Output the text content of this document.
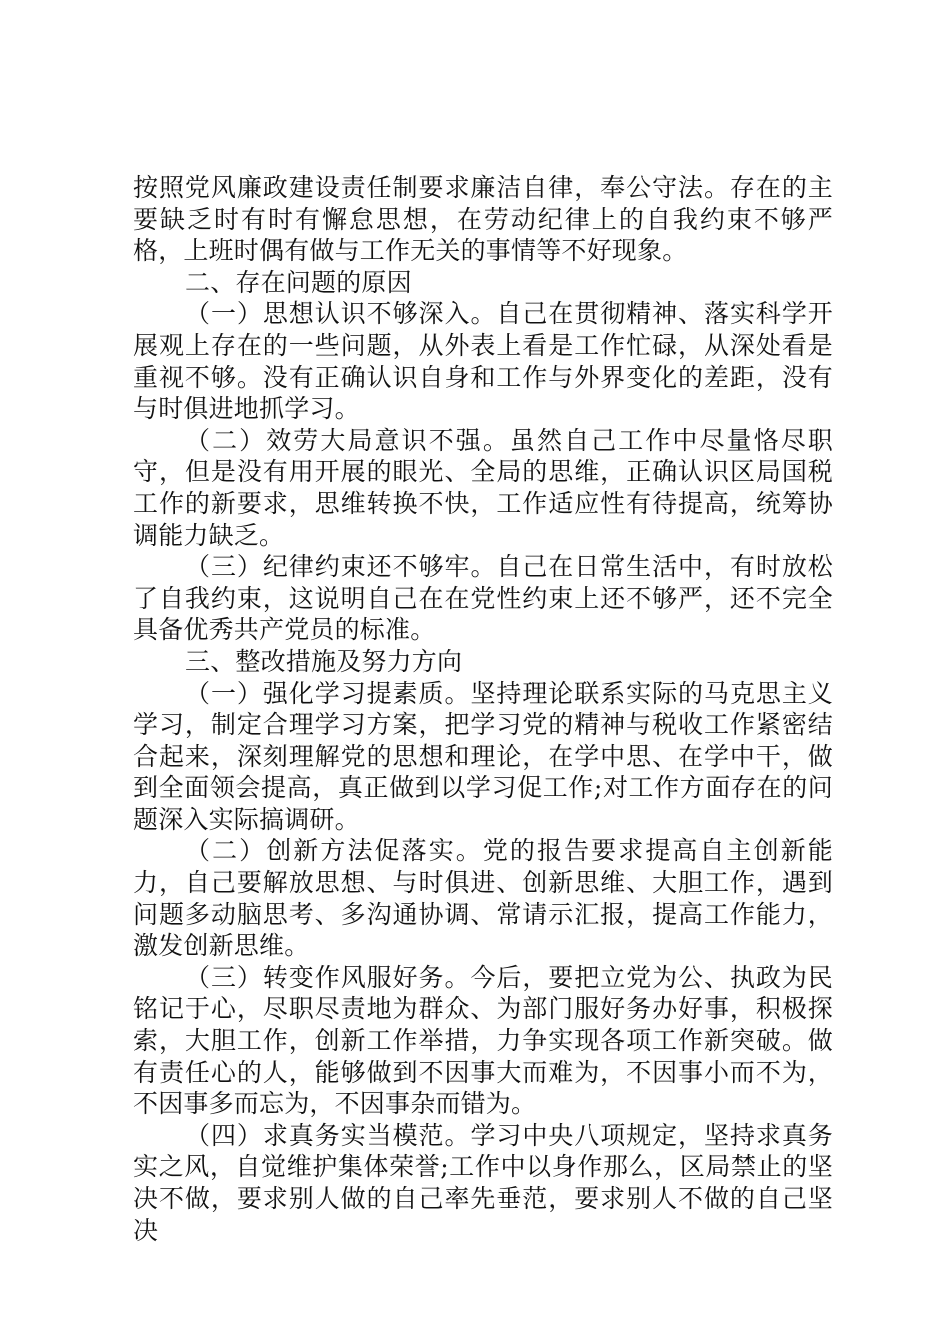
按照党风廉政建设责任制要求廉洁自律，奉公守法。存在的主要缺乏时有时有懈怠思想，在劳动纪律上的自我约束不够严格，上班时偶有做与工作无关的事情等不好现象。

二、存在问题的原因

（一）思想认识不够深入。自己在贯彻精神、落实科学开展观上存在的一些问题，从外表上看是工作忙碌，从深处看是重视不够。没有正确认识自身和工作与外界变化的差距，没有与时俱进地抓学习。

（二）效劳大局意识不强。虽然自己工作中尽量恪尽职守，但是没有用开展的眼光、全局的思维，正确认识区局国税工作的新要求，思维转换不快，工作适应性有待提高，统筹协调能力缺乏。

（三）纪律约束还不够牢。自己在日常生活中，有时放松了自我约束，这说明自己在在党性约束上还不够严，还不完全具备优秀共产党员的标准。

三、整改措施及努力方向

（一）强化学习提素质。坚持理论联系实际的马克思主义学习，制定合理学习方案，把学习党的精神与税收工作紧密结合起来，深刻理解党的思想和理论，在学中思、在学中干，做到全面领会提高，真正做到以学习促工作;对工作方面存在的问题深入实际搞调研。

（二）创新方法促落实。党的报告要求提高自主创新能力，自己要解放思想、与时俱进、创新思维、大胆工作，遇到问题多动脑思考、多沟通协调、常请示汇报，提高工作能力，激发创新思维。

（三）转变作风服好务。今后，要把立党为公、执政为民铭记于心，尽职尽责地为群众、为部门服好务办好事，积极探索，大胆工作，创新工作举措，力争实现各项工作新突破。做有责任心的人，能够做到不因事大而难为，不因事小而不为，不因事多而忘为，不因事杂而错为。

（四）求真务实当模范。学习中央八项规定，坚持求真务实之风，自觉维护集体荣誉;工作中以身作那么，区局禁止的坚决不做，要求别人做的自己率先垂范，要求别人不做的自己坚决
